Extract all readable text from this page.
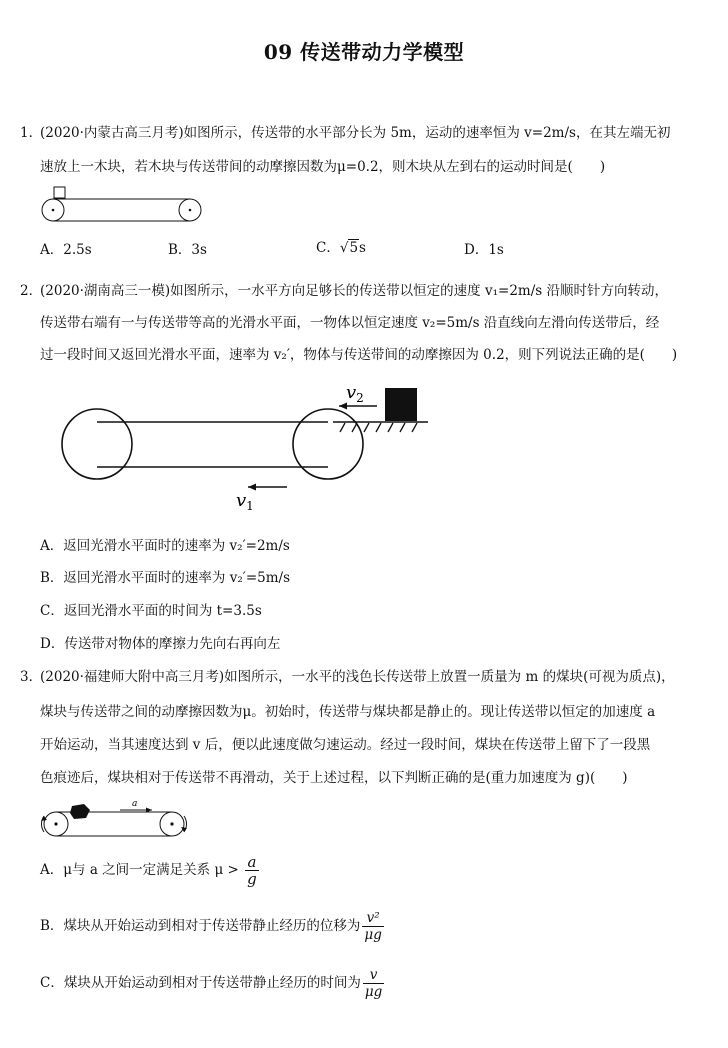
09 传送带动力学模型
1．
(2020·内蒙古高三月考)如图所示，传送带的水平部分长为 5m，运动的速率恒为 v=2m/s，在其左端无初
速放上一木块，若木块与传送带间的动摩擦因数为μ=0.2，则木块从左到右的运动时间是(　　)
A．2.5s	B．3s	C．√5s	D．1s
2．
(2020·湖南高三一模)如图所示，一水平方向足够长的传送带以恒定的速度 v₁=2m/s 沿顺时针方向转动，
传送带右端有一与传送带等高的光滑水平面，一物体以恒定速度 v₂=5m/s 沿直线向左滑向传送带后，经
过一段时间又返回光滑水平面，速率为 v₂′，物体与传送带间的动摩擦因为 0.2，则下列说法正确的是(　　)
$v_2$
$v_1$
A．返回光滑水平面时的速率为 v₂′=2m/s
B．返回光滑水平面时的速率为 v₂′=5m/s
C．返回光滑水平面的时间为 t=3.5s
D．传送带对物体的摩擦力先向右再向左
3．
(2020·福建师大附中高三月考)如图所示，一水平的浅色长传送带上放置一质量为 m 的煤块(可视为质点)，
煤块与传送带之间的动摩擦因数为μ。初始时，传送带与煤块都是静止的。现让传送带以恒定的加速度 a
开始运动，当其速度达到 v 后，便以此速度做匀速运动。经过一段时间，煤块在传送带上留下了一段黑
色痕迹后，煤块相对于传送带不再滑动，关于上述过程，以下判断正确的是(重力加速度为 g)(　　)
a
A．μ与 a 之间一定满足关系 $\mu > \frac{a}{g}$
B．煤块从开始运动到相对于传送带静止经历的位移为 $\frac{\text{v²}}{\mu g}$
C．煤块从开始运动到相对于传送带静止经历的时间为 $\frac{v}{\mu g}$
